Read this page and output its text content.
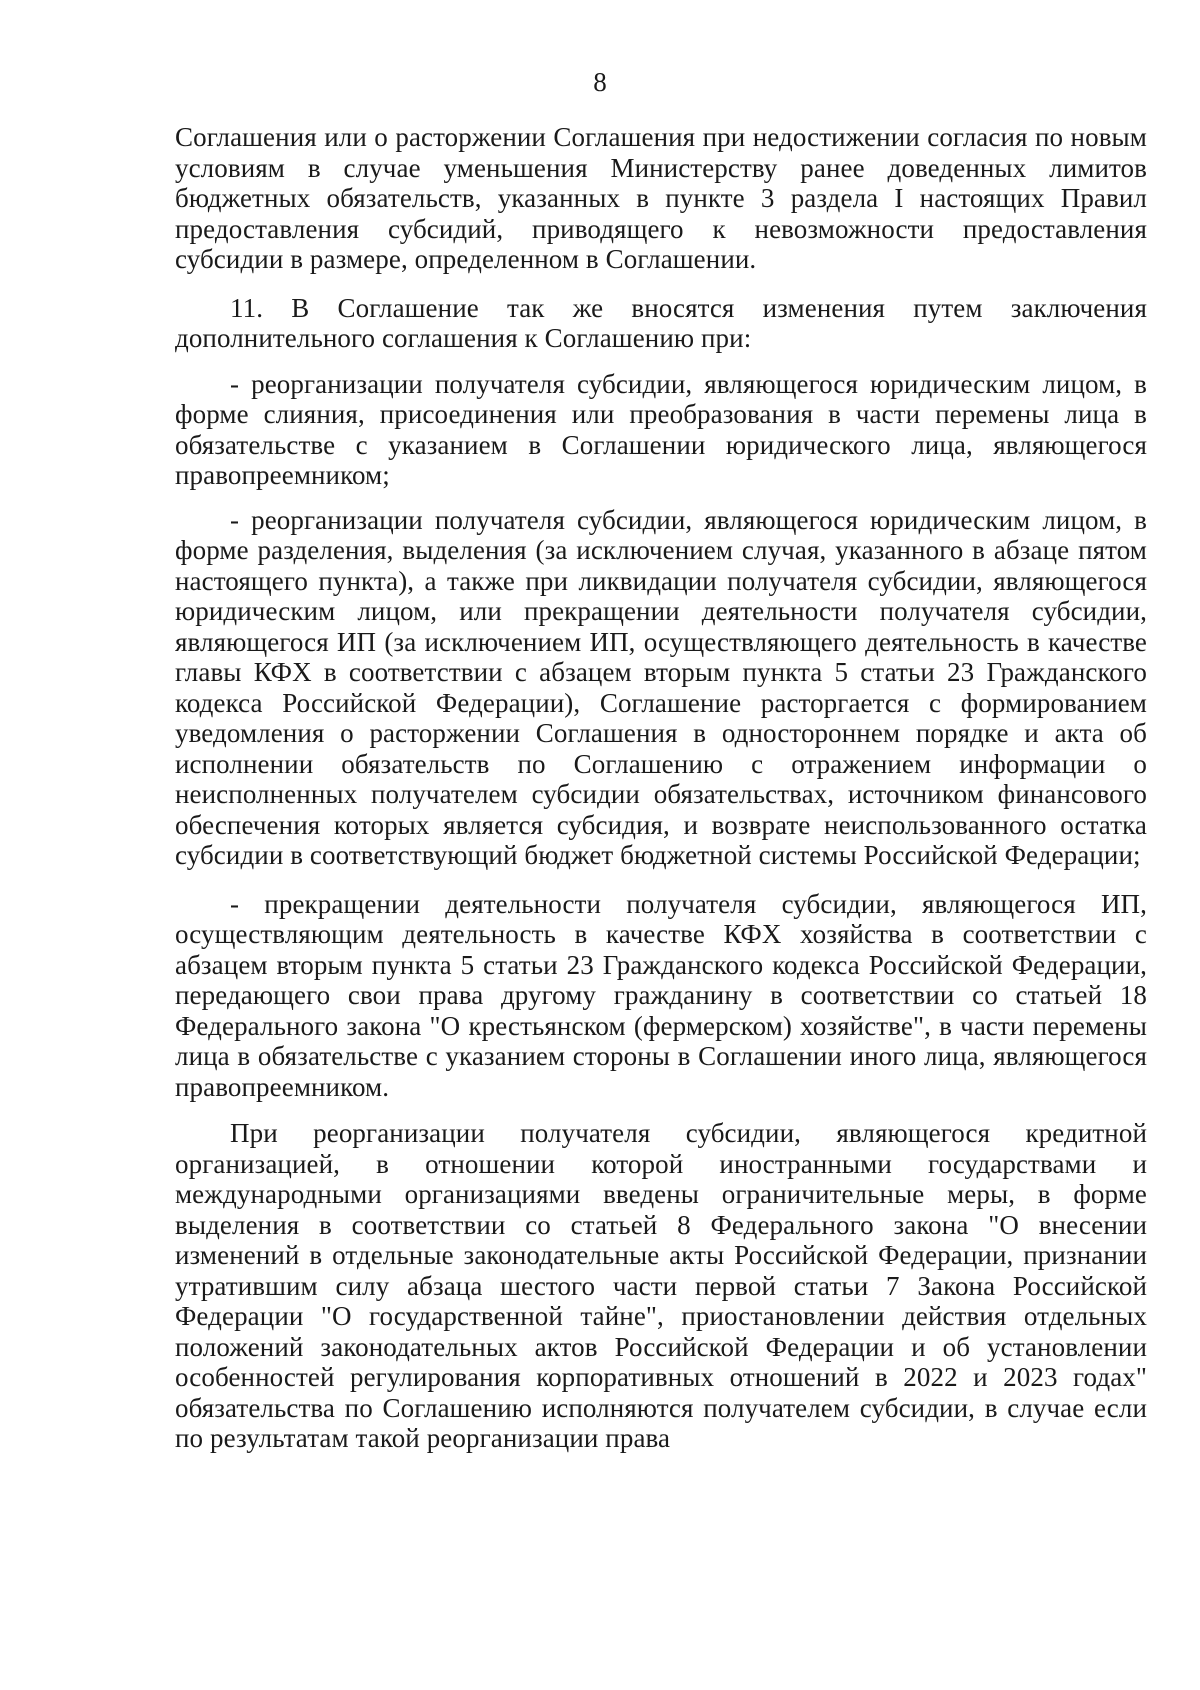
8

Соглашения или о расторжении Соглашения при недостижении согласия по новым условиям в случае уменьшения Министерству ранее доведенных лимитов бюджетных обязательств, указанных в пункте 3 раздела I настоящих Правил предоставления субсидий, приводящего к невозможности предоставления субсидии в размере, определенном в Соглашении.

11. В Соглашение так же вносятся изменения путем заключения дополнительного соглашения к Соглашению при:

- реорганизации получателя субсидии, являющегося юридическим лицом, в форме слияния, присоединения или преобразования в части перемены лица в обязательстве с указанием в Соглашении юридического лица, являющегося правопреемником;

- реорганизации получателя субсидии, являющегося юридическим лицом, в форме разделения, выделения (за исключением случая, указанного в абзаце пятом настоящего пункта), а также при ликвидации получателя субсидии, являющегося юридическим лицом, или прекращении деятельности получателя субсидии, являющегося ИП (за исключением ИП, осуществляющего деятельность в качестве главы КФХ в соответствии с абзацем вторым пункта 5 статьи 23 Гражданского кодекса Российской Федерации), Соглашение расторгается с формированием уведомления о расторжении Соглашения в одностороннем порядке и акта об исполнении обязательств по Соглашению с отражением информации о неисполненных получателем субсидии обязательствах, источником финансового обеспечения которых является субсидия, и возврате неиспользованного остатка субсидии в соответствующий бюджет бюджетной системы Российской Федерации;

- прекращении деятельности получателя субсидии, являющегося ИП, осуществляющим деятельность в качестве КФХ хозяйства в соответствии с абзацем вторым пункта 5 статьи 23 Гражданского кодекса Российской Федерации, передающего свои права другому гражданину в соответствии со статьей 18 Федерального закона "О крестьянском (фермерском) хозяйстве", в части перемены лица в обязательстве с указанием стороны в Соглашении иного лица, являющегося правопреемником.

При реорганизации получателя субсидии, являющегося кредитной организацией, в отношении которой иностранными государствами и международными организациями введены ограничительные меры, в форме выделения в соответствии со статьей 8 Федерального закона "О внесении изменений в отдельные законодательные акты Российской Федерации, признании утратившим силу абзаца шестого части первой статьи 7 Закона Российской Федерации "О государственной тайне", приостановлении действия отдельных положений законодательных актов Российской Федерации и об установлении особенностей регулирования корпоративных отношений в 2022 и 2023 годах" обязательства по Соглашению исполняются получателем субсидии, в случае если по результатам такой реорганизации права
